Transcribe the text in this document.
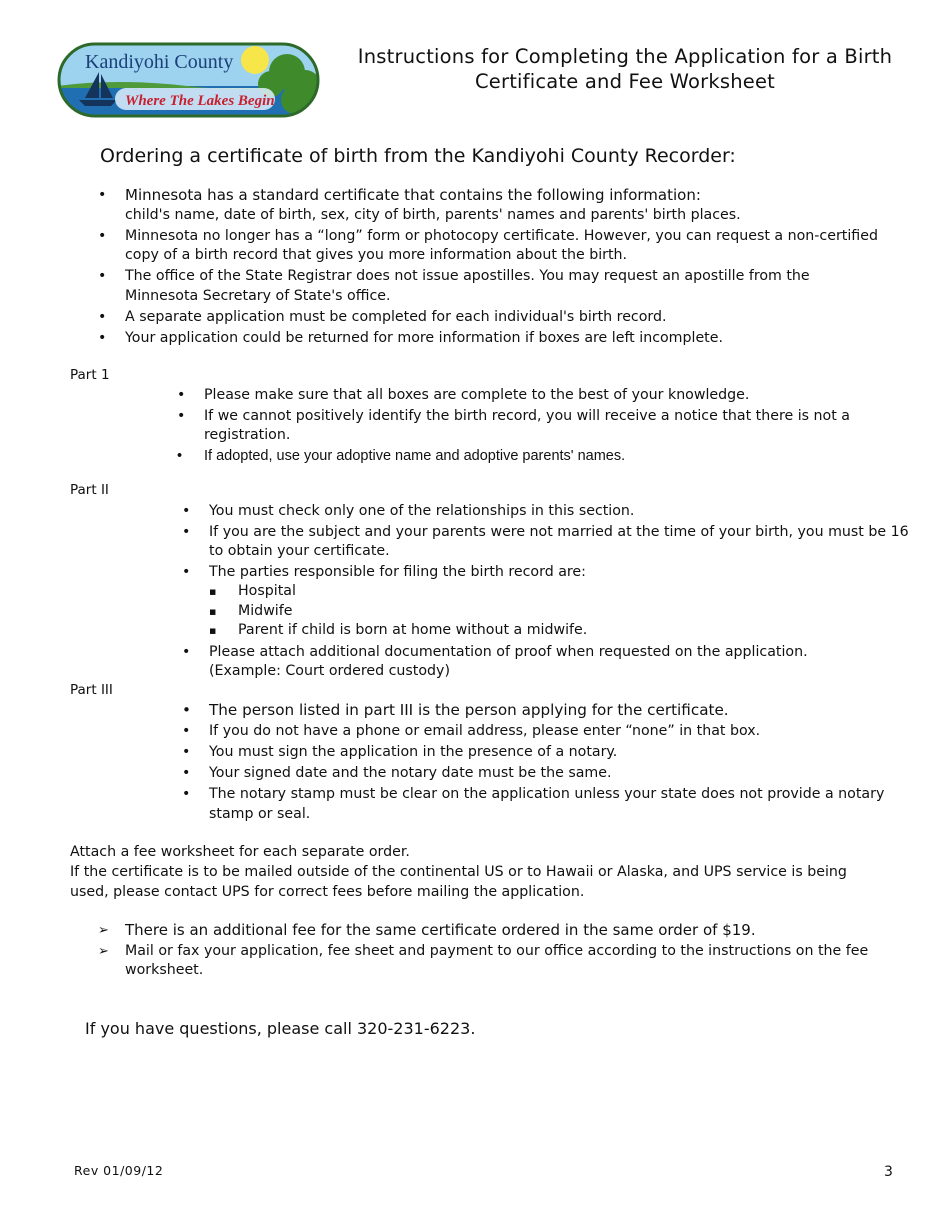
Kandiyohi County
Where The Lakes Begin
Instructions for Completing the Application for a Birth
Certificate and Fee Worksheet
Ordering a certificate of birth from the Kandiyohi County Recorder:
• Minnesota has a standard certificate that contains the following information:
child's name, date of birth, sex, city of birth, parents' names and parents' birth places.
• Minnesota no longer has a “long” form or photocopy certificate. However, you can request a non-certified copy of a birth record that gives you more information about the birth.
• The office of the State Registrar does not issue apostilles. You may request an apostille from the Minnesota Secretary of State's office.
• A separate application must be completed for each individual's birth record.
• Your application could be returned for more information if boxes are left incomplete.
Part 1
• Please make sure that all boxes are complete to the best of your knowledge.
• If we cannot positively identify the birth record, you will receive a notice that there is not a registration.
• If adopted, use your adoptive name and adoptive parents' names.
Part II
• You must check only one of the relationships in this section.
• If you are the subject and your parents were not married at the time of your birth, you must be 16 to obtain your certificate.
• The parties responsible for filing the birth record are:
▪ Hospital
▪ Midwife
▪ Parent if child is born at home without a midwife.
• Please attach additional documentation of proof when requested on the application.
(Example: Court ordered custody)
Part III
• The person listed in part III is the person applying for the certificate.
• If you do not have a phone or email address, please enter “none” in that box.
• You must sign the application in the presence of a notary.
• Your signed date and the notary date must be the same.
• The notary stamp must be clear on the application unless your state does not provide a notary stamp or seal.
Attach a fee worksheet for each separate order.
If the certificate is to be mailed outside of the continental US or to Hawaii or Alaska, and UPS service is being used, please contact UPS for correct fees before mailing the application.
➢ There is an additional fee for the same certificate ordered in the same order of $19.
➢ Mail or fax your application, fee sheet and payment to our office according to the instructions on the fee worksheet.
If you have questions, please call 320-231-6223.
Rev 01/09/12	3
